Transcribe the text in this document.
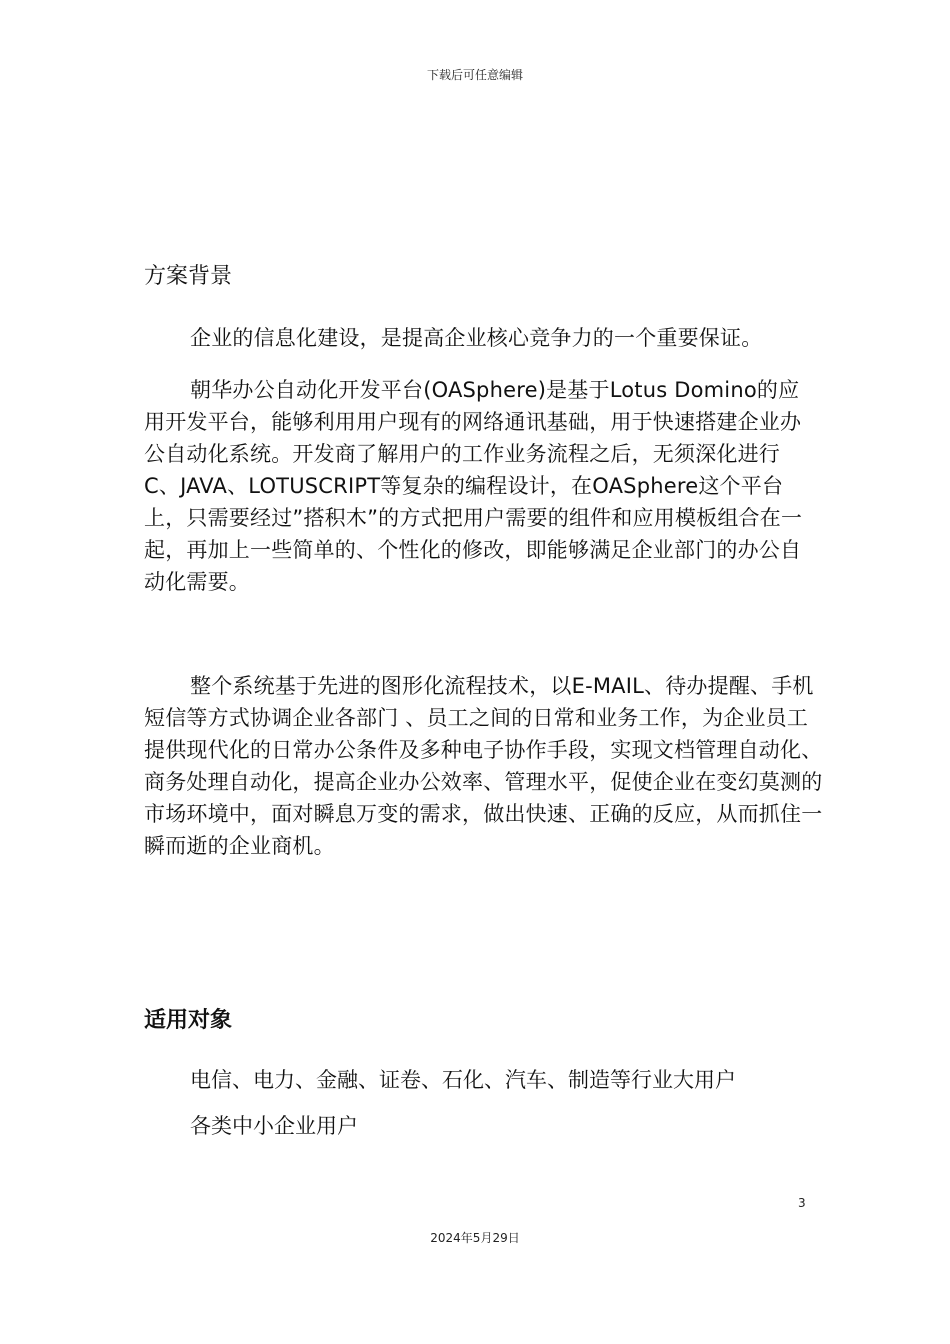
下载后可任意编辑
方案背景

企业的信息化建设，是提高企业核心竞争力的一个重要保证。

朝华办公自动化开发平台(OASphere)是基于Lotus Domino的应用开发平台，能够利用用户现有的网络通讯基础，用于快速搭建企业办公自动化系统。开发商了解用户的工作业务流程之后，无须深化进行C、JAVA、LOTUSCRIPT等复杂的编程设计，在OASphere这个平台上，只需要经过”搭积木”的方式把用户需要的组件和应用模板组合在一起，再加上一些简单的、个性化的修改，即能够满足企业部门的办公自动化需要。

整个系统基于先进的图形化流程技术，以E-MAIL、待办提醒、手机短信等方式协调企业各部门 、员工之间的日常和业务工作，为企业员工提供现代化的日常办公条件及多种电子协作手段，实现文档管理自动化、商务处理自动化，提高企业办公效率、管理水平，促使企业在变幻莫测的市场环境中，面对瞬息万变的需求，做出快速、正确的反应，从而抓住一瞬而逝的企业商机。

适用对象
电信、电力、金融、证卷、石化、汽车、制造等行业大用户
各类中小企业用户
3
2024年5月29日
